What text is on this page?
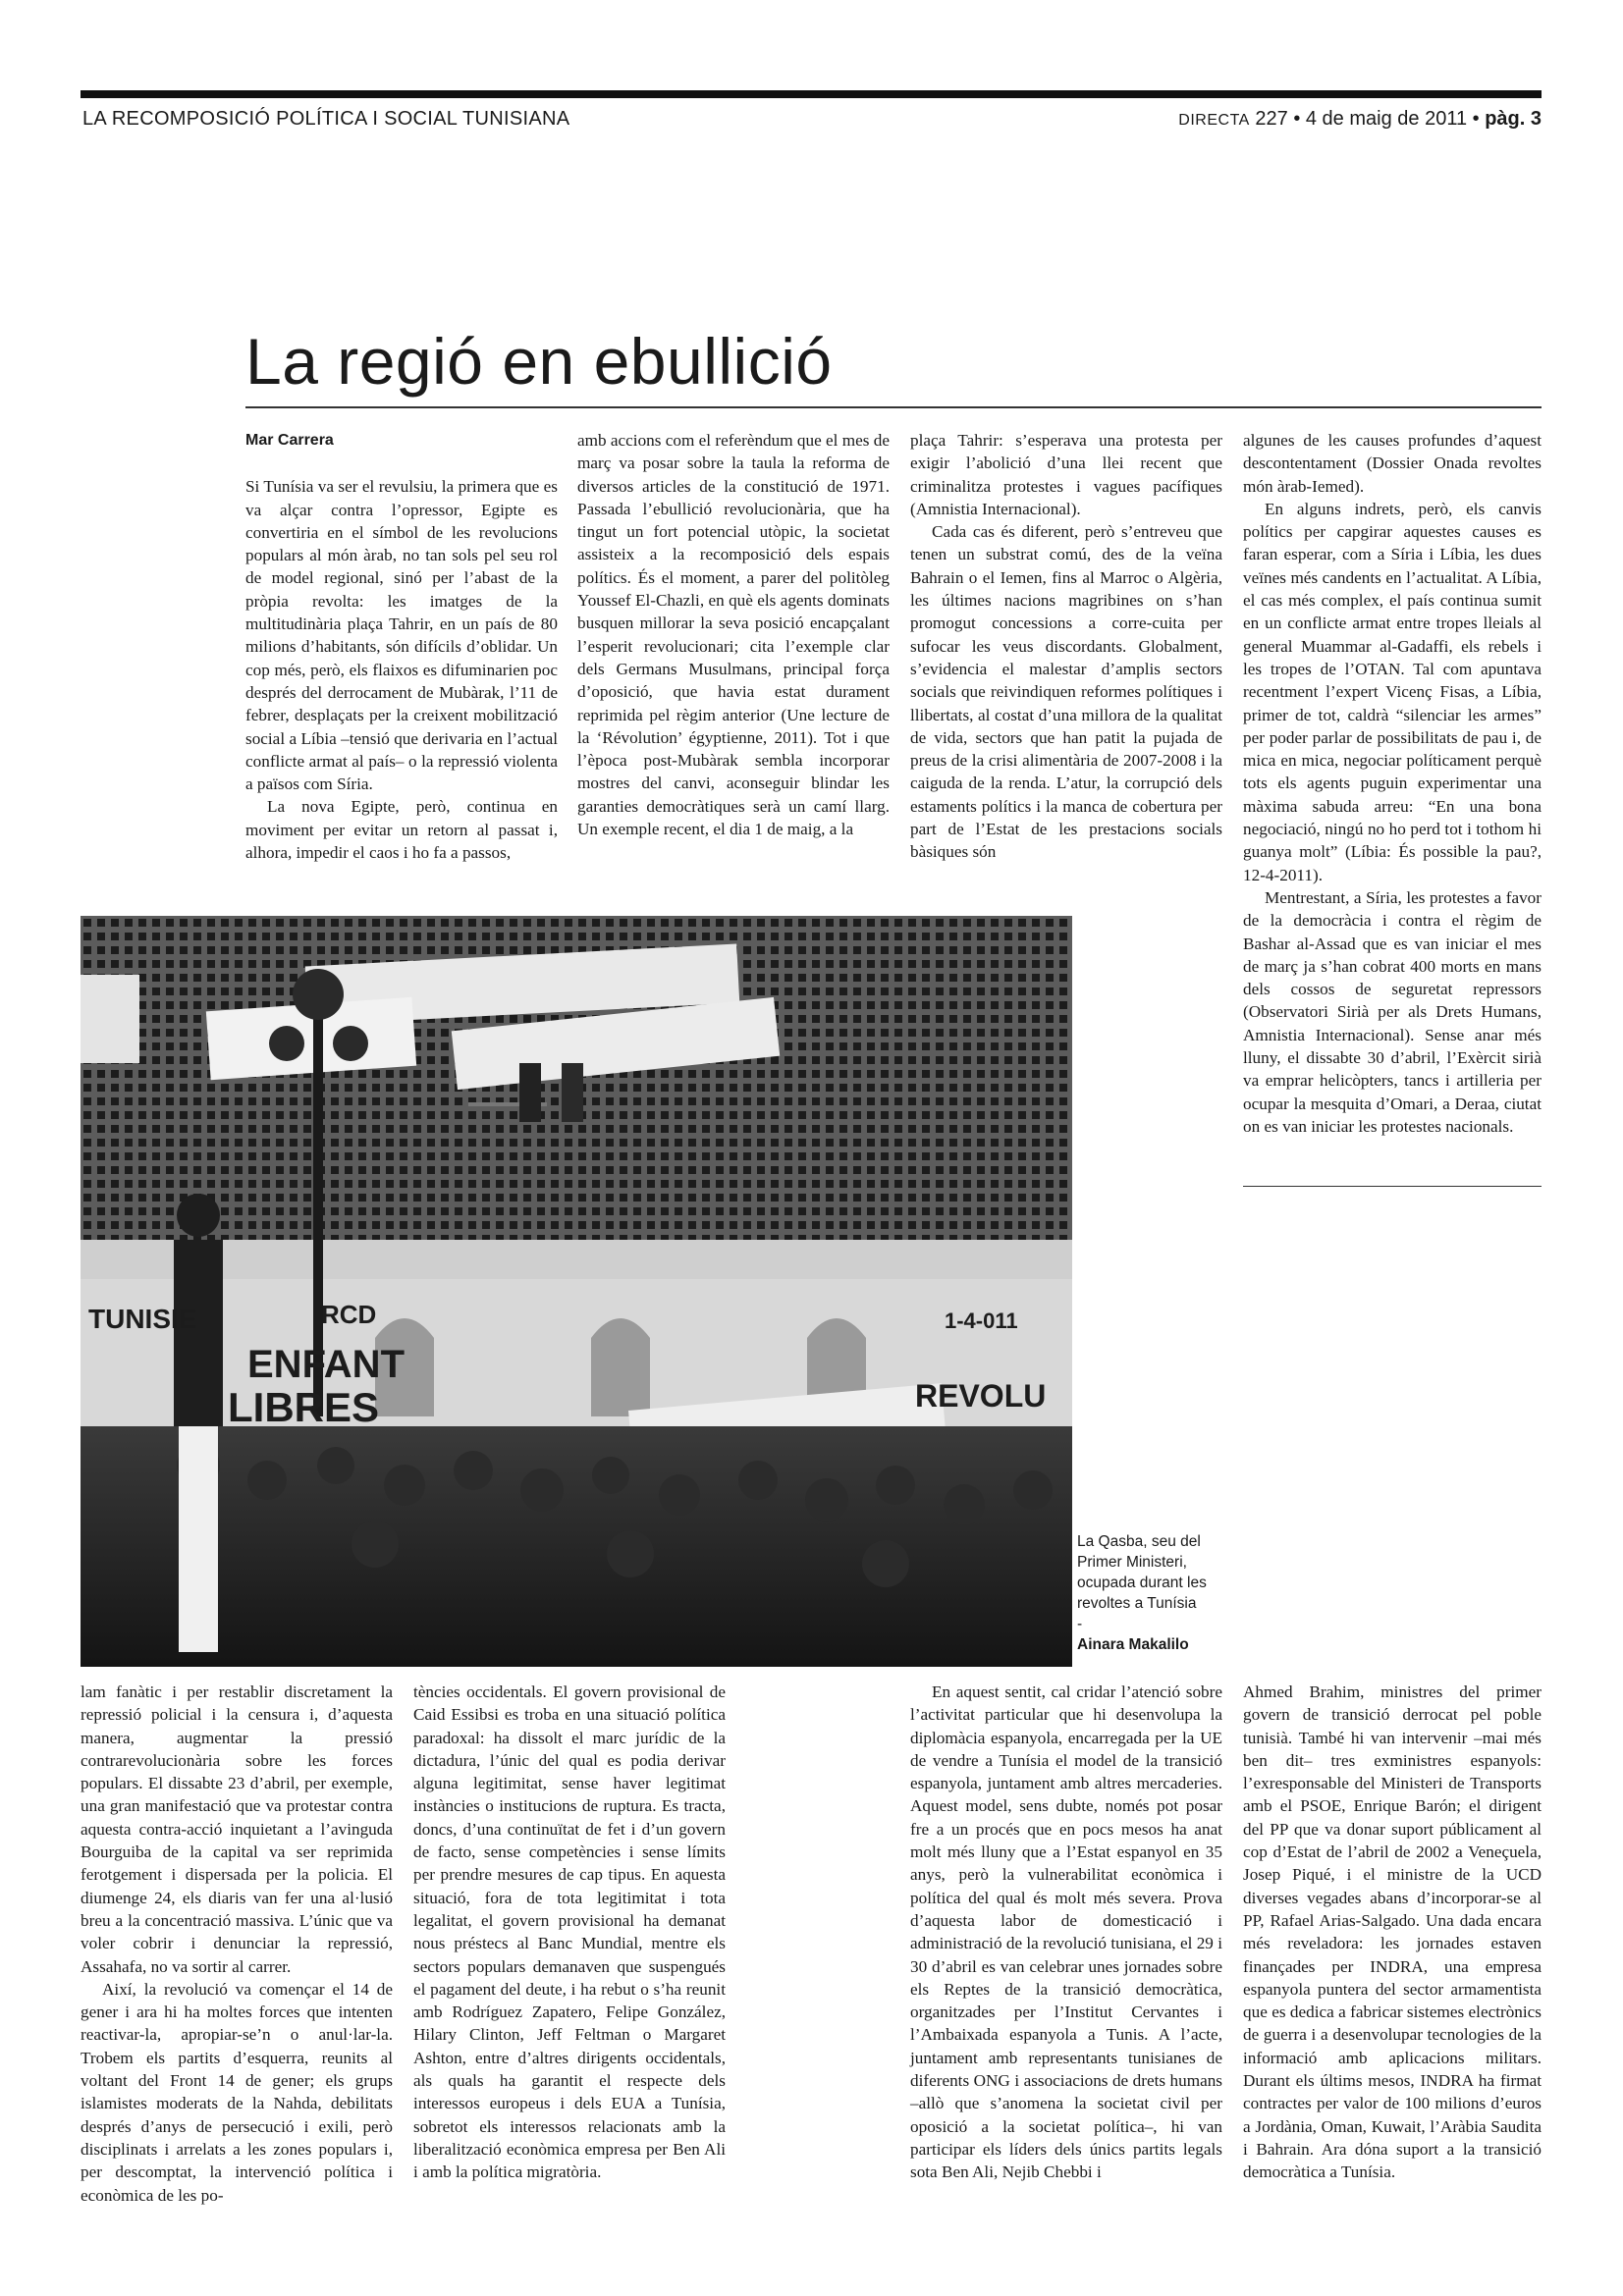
LA RECOMPOSICIÓ POLÍTICA I SOCIAL TUNISIANA	DIRECTA 227 • 4 de maig de 2011 • pàg. 3
La regió en ebullició

Mar Carrera

Si Tunísia va ser el revulsiu, la primera que es va alçar contra l’opressor, Egipte es convertiria en el símbol de les revolucions populars al món àrab, no tan sols pel seu rol de model regional, sinó per l’abast de la pròpia revolta: les imatges de la multitudinària plaça Tahrir, en un país de 80 milions d’habitants, són difícils d’oblidar. Un cop més, però, els flaixos es difuminarien poc després del derrocament de Mubàrak, l’11 de febrer, desplaçats per la creixent mobilització social a Líbia –tensió que derivaria en l’actual conflicte armat al país– o la repressió violenta a països com Síria.

La nova Egipte, però, continua en moviment per evitar un retorn al passat i, alhora, impedir el caos i ho fa a passos,

amb accions com el referèndum que el mes de març va posar sobre la taula la reforma de diversos articles de la constitució de 1971. Passada l’ebullició revolucionària, que ha tingut un fort potencial utòpic, la societat assisteix a la recomposició dels espais polítics. És el moment, a parer del politòleg Youssef El-Chazli, en què els agents dominats busquen millorar la seva posició encapçalant l’esperit revolucionari; cita l’exemple clar dels Germans Musulmans, principal força d’oposició, que havia estat durament reprimida pel règim anterior (Une lecture de la ‘Révolution’ égyptienne, 2011). Tot i que l’època post-Mubàrak sembla incorporar mostres del canvi, aconseguir blindar les garanties democràtiques serà un camí llarg. Un exemple recent, el dia 1 de maig, a la

plaça Tahrir: s’esperava una protesta per exigir l’abolició d’una llei recent que criminalitza protestes i vagues pacífiques (Amnistia Internacional).

Cada cas és diferent, però s’entreveu que tenen un substrat comú, des de la veïna Bahrain o el Iemen, fins al Marroc o Algèria, les últimes nacions magribines on s’han promogut concessions a corre-cuita per sufocar les veus discordants. Globalment, s’evidencia el malestar d’amplis sectors socials que reivindiquen reformes polítiques i llibertats, al costat d’una millora de la qualitat de vida, sectors que han patit la pujada de preus de la crisi alimentària de 2007-2008 i la caiguda de la renda. L’atur, la corrupció dels estaments polítics i la manca de cobertura per part de l’Estat de les prestacions socials bàsiques són

algunes de les causes profundes d’aquest descontentament (Dossier Onada revoltes món àrab-Iemed).

En alguns indrets, però, els canvis polítics per capgirar aquestes causes es faran esperar, com a Síria i Líbia, les dues veïnes més candents en l’actualitat. A Líbia, el cas més complex, el país continua sumit en un conflicte armat entre tropes lleials al general Muammar al-Gadaffi, els rebels i les tropes de l’OTAN. Tal com apuntava recentment l’expert Vicenç Fisas, a Líbia, primer de tot, caldrà “silenciar les armes” per poder parlar de possibilitats de pau i, de mica en mica, negociar políticament perquè tots els agents puguin experimentar una màxima sabuda arreu: “En una bona negociació, ningú no ho perd tot i tothom hi guanya molt” (Líbia: És possible la pau?, 12-4-2011).

Mentrestant, a Síria, les protestes a favor de la democràcia i contra el règim de Bashar al-Assad que es van iniciar el mes de març ja s’han cobrat 400 morts en mans dels cossos de seguretat repressors (Observatori Sirià per als Drets Humans, Amnistia Internacional). Sense anar més lluny, el dissabte 30 d’abril, l’Exèrcit sirià va emprar helicòpters, tancs i artilleria per ocupar la mesquita d’Omari, a Deraa, ciutat on es van iniciar les protestes nacionals.

TUNISIE
ENFANT
LIBRES	REVOLU
RCD	1-4-011
La Qasba, seu del Primer Ministeri, ocupada durant les revoltes a Tunísia
-
Ainara Makalilo

lam fanàtic i per restablir discretament la repressió policial i la censura i, d’aquesta manera, augmentar la pressió contrarevolucionària sobre les forces populars. El dissabte 23 d’abril, per exemple, una gran manifestació que va protestar contra aquesta contra-acció inquietant a l’avinguda Bourguiba de la capital va ser reprimida ferotgement i dispersada per la policia. El diumenge 24, els diaris van fer una al·lusió breu a la concentració massiva. L’únic que va voler cobrir i denunciar la repressió, Assahafa, no va sortir al carrer.

Així, la revolució va començar el 14 de gener i ara hi ha moltes forces que intenten reactivar-la, apropiar-se’n o anul·lar-la. Trobem els partits d’esquerra, reunits al voltant del Front 14 de gener; els grups islamistes moderats de la Nahda, debilitats després d’anys de persecució i exili, però disciplinats i arrelats a les zones populars i, per descomptat, la intervenció política i econòmica de les po-

tències occidentals. El govern provisional de Caid Essibsi es troba en una situació política paradoxal: ha dissolt el marc jurídic de la dictadura, l’únic del qual es podia derivar alguna legitimitat, sense haver legitimat instàncies o institucions de ruptura. Es tracta, doncs, d’una continuïtat de fet i d’un govern de facto, sense competències i sense límits per prendre mesures de cap tipus. En aquesta situació, fora de tota legitimitat i tota legalitat, el govern provisional ha demanat nous préstecs al Banc Mundial, mentre els sectors populars demanaven que suspengués el pagament del deute, i ha rebut o s’ha reunit amb Rodríguez Zapatero, Felipe González, Hilary Clinton, Jeff Feltman o Margaret Ashton, entre d’altres dirigents occidentals, als quals ha garantit el respecte dels interessos europeus i dels EUA a Tunísia, sobretot els interessos relacionats amb la liberalització econòmica empresa per Ben Ali i amb la política migratòria.

En aquest sentit, cal cridar l’atenció sobre l’activitat particular que hi desenvolupa la diplomàcia espanyola, encarregada per la UE de vendre a Tunísia el model de la transició espanyola, juntament amb altres mercaderies. Aquest model, sens dubte, només pot posar fre a un procés que en pocs mesos ha anat molt més lluny que a l’Estat espanyol en 35 anys, però la vulnerabilitat econòmica i política del qual és molt més severa. Prova d’aquesta labor de domesticació i administració de la revolució tunisiana, el 29 i 30 d’abril es van celebrar unes jornades sobre els Reptes de la transició democràtica, organitzades per l’Institut Cervantes i l’Ambaixada espanyola a Tunis. A l’acte, juntament amb representants tunisianes de diferents ONG i associacions de drets humans –allò que s’anomena la societat civil per oposició a la societat política–, hi van participar els líders dels únics partits legals sota Ben Ali, Nejib Chebbi i

Ahmed Brahim, ministres del primer govern de transició derrocat pel poble tunisià. També hi van intervenir –mai més ben dit– tres exministres espanyols: l’exresponsable del Ministeri de Transports amb el PSOE, Enrique Barón; el dirigent del PP que va donar suport públicament al cop d’Estat de l’abril de 2002 a Veneçuela, Josep Piqué, i el ministre de la UCD diverses vegades abans d’incorporar-se al PP, Rafael Arias-Salgado. Una dada encara més reveladora: les jornades estaven finançades per INDRA, una empresa espanyola puntera del sector armamentista que es dedica a fabricar sistemes electrònics de guerra i a desenvolupar tecnologies de la informació amb aplicacions militars. Durant els últims mesos, INDRA ha firmat contractes per valor de 100 milions d’euros a Jordània, Oman, Kuwait, l’Aràbia Saudita i Bahrain. Ara dóna suport a la transició democràtica a Tunísia.
